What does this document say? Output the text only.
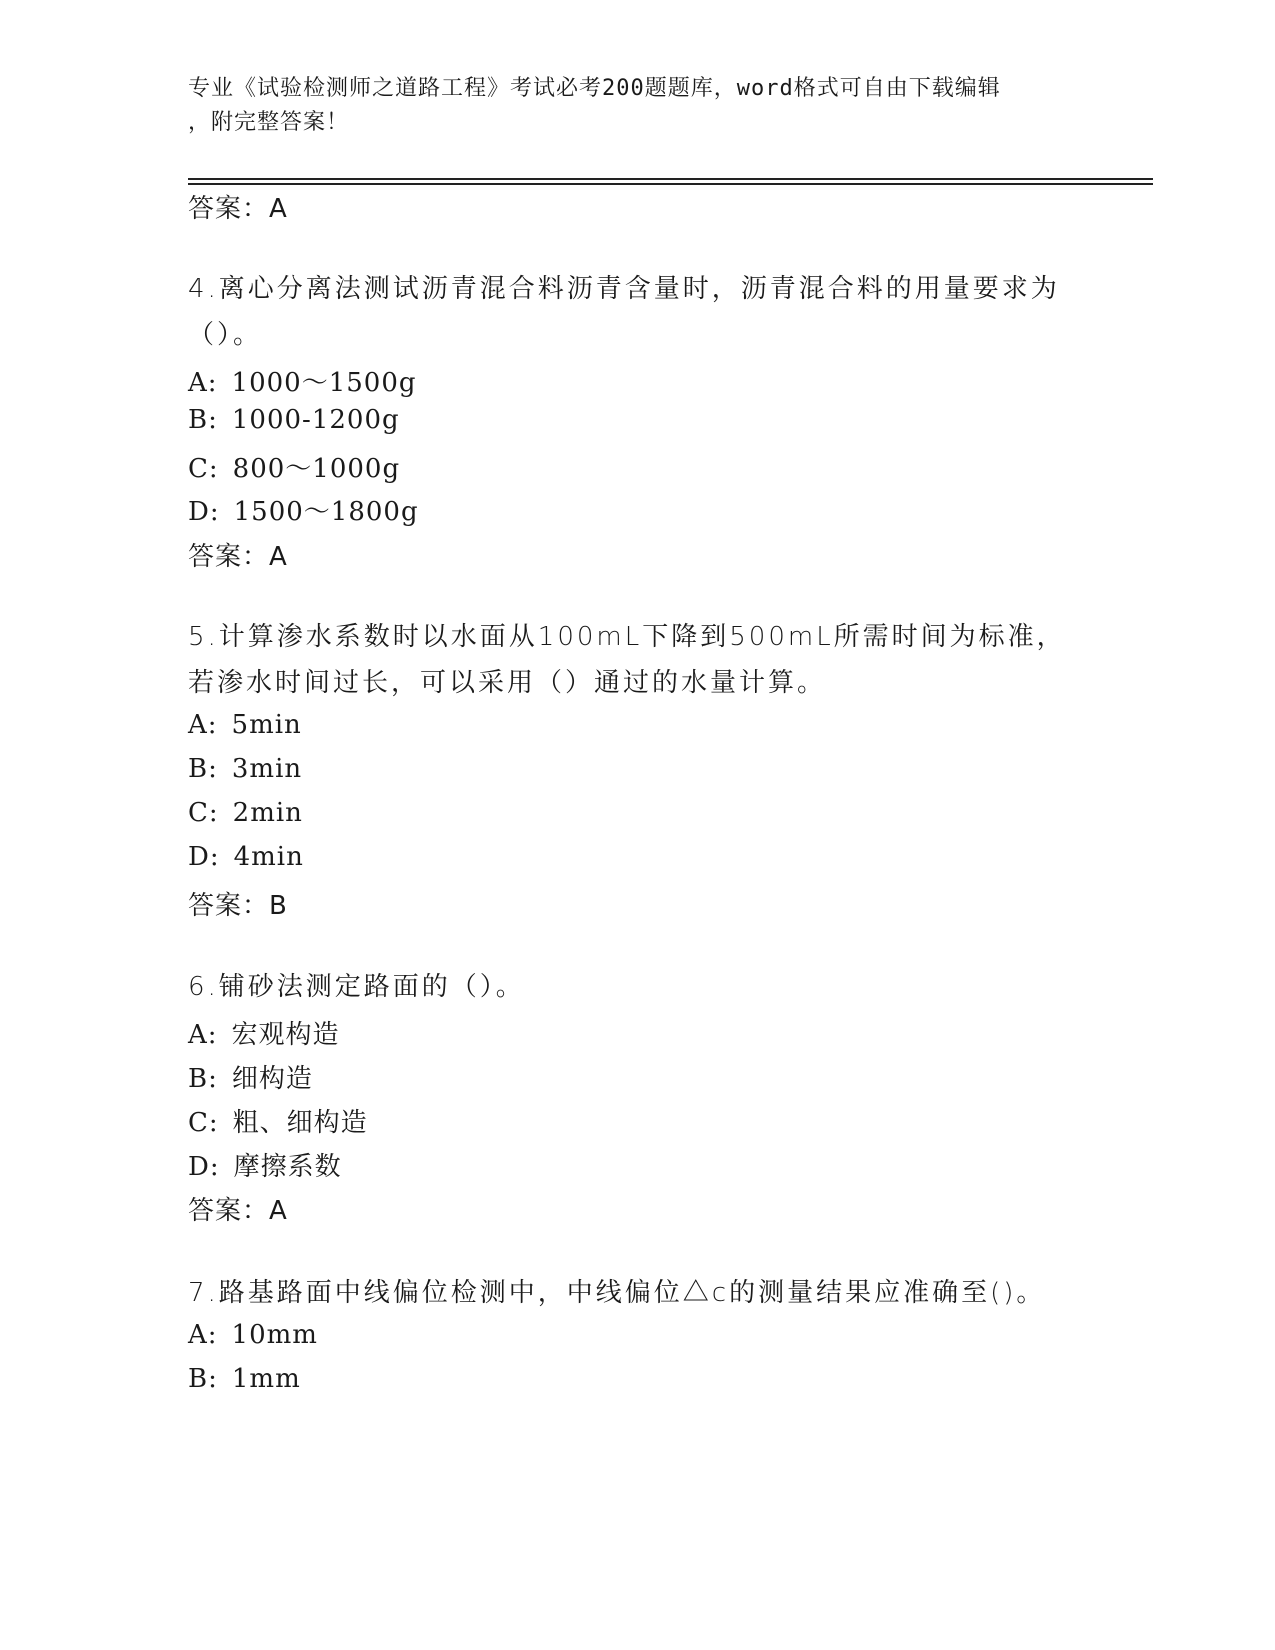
专业《试验检测师之道路工程》考试必考200题题库，word格式可自由下载编辑
，附完整答案！
答案：A
4.离心分离法测试沥青混合料沥青含量时，沥青混合料的用量要求为（）。
A: 1000～1500g
B: 1000-1200g
C: 800～1000g
D: 1500～1800g
答案：A
5.计算渗水系数时以水面从100mL下降到500mL所需时间为标准，若渗水时间过长，可以采用（）通过的水量计算。
A: 5min
B: 3min
C: 2min
D: 4min
答案：B
6.铺砂法测定路面的（）。
A: 宏观构造
B: 细构造
C: 粗、细构造
D: 摩擦系数
答案：A
7.路基路面中线偏位检测中，中线偏位△c的测量结果应准确至()。
A: 10mm
B: 1mm
